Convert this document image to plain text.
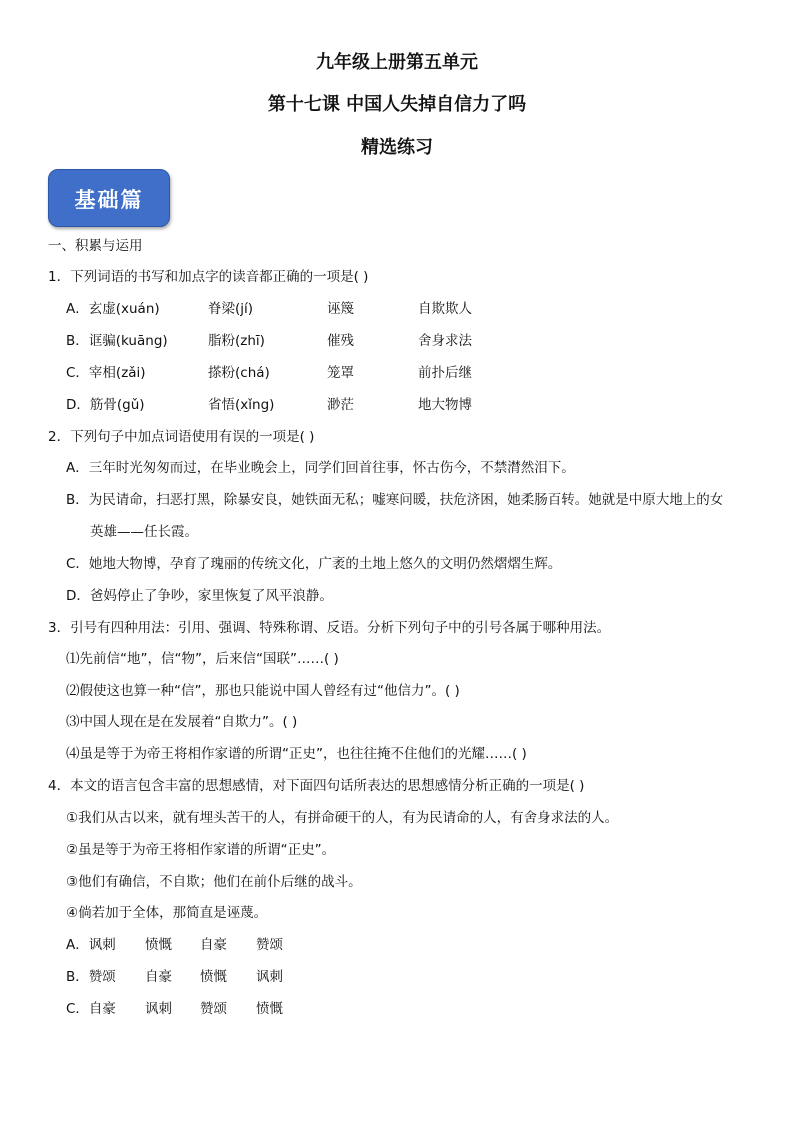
九年级上册第五单元
第十七课 中国人失掉自信力了吗
精选练习
基础篇
一、积累与运用
1．下列词语的书写和加点字的读音都正确的一项是( )
A．玄虚(xuán)	脊梁(jí)	诬篾	自欺欺人
B．诓骗(kuāng)	脂粉(zhī)	催残	舍身求法
C．宰相(zǎi)	搽粉(chá)	笼罩	前扑后继
D．筋骨(gǔ)	省悟(xǐng)	渺茫	地大物博
2．下列句子中加点词语使用有误的一项是( )
A．三年时光匆匆而过，在毕业晚会上，同学们回首往事，怀古伤今，不禁潸然泪下。
B．为民请命，扫恶打黑，除暴安良，她铁面无私；嘘寒问暖，扶危济困，她柔肠百转。她就是中原大地上的女
英雄——任长霞。
C．她地大物博，孕育了瑰丽的传统文化，广袤的土地上悠久的文明仍然熠熠生辉。
D．爸妈停止了争吵，家里恢复了风平浪静。
3．引号有四种用法：引用、强调、特殊称谓、反语。分析下列句子中的引号各属于哪种用法。
⑴先前信“地”，信“物”，后来信“国联”……( )
⑵假使这也算一种“信”，那也只能说中国人曾经有过“他信力”。( )
⑶中国人现在是在发展着“自欺力”。( )
⑷虽是等于为帝王将相作家谱的所谓“正史”，也往往掩不住他们的光耀……( )
4．本文的语言包含丰富的思想感情，对下面四句话所表达的思想感情分析正确的一项是( )
①我们从古以来，就有埋头苦干的人，有拼命硬干的人，有为民请命的人，有舍身求法的人。
②虽是等于为帝王将相作家谱的所谓“正史”。
③他们有确信，不自欺；他们在前仆后继的战斗。
④倘若加于全体，那简直是诬蔑。
A．讽刺 愤慨 自豪 赞颂
B．赞颂 自豪 愤慨 讽刺
C．自豪 讽刺 赞颂 愤慨
